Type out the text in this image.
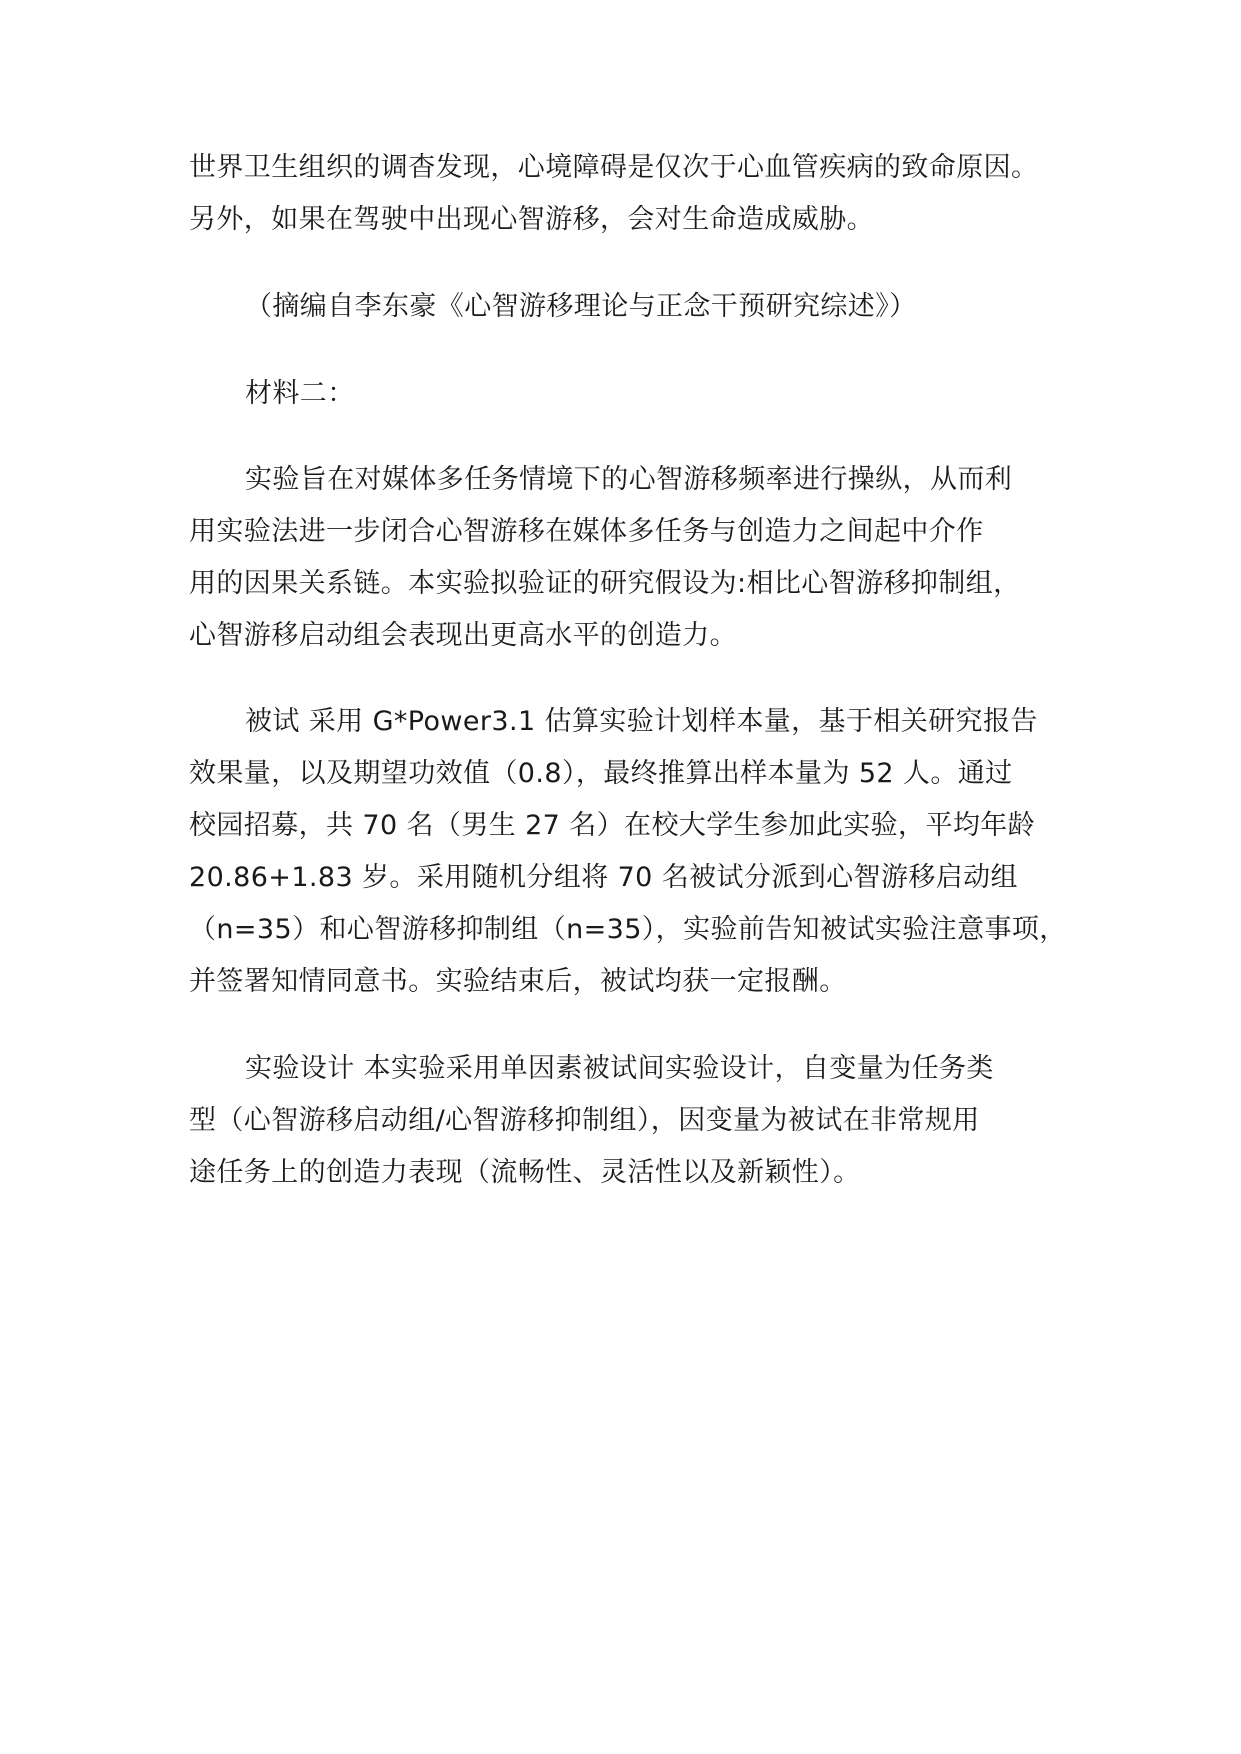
世界卫生组织的调杳发现，心境障碍是仅次于心血管疾病的致命原因。
另外，如果在驾驶中出现心智游移，会对生命造成威胁。
（摘编自李东豪《心智游移理论与正念干预研究综述》）
材料二：
实验旨在对媒体多任务情境下的心智游移频率进行操纵，从而利
用实验法进一步闭合心智游移在媒体多任务与创造力之间起中介作
用的因果关系链。本实验拟验证的研究假设为:相比心智游移抑制组，
心智游移启动组会表现出更高水平的创造力。
被试 采用 G*Power3.1 估算实验计划样本量，基于相关研究报告
效果量，以及期望功效值（0.8），最终推算出样本量为 52 人。通过
校园招募，共 70 名（男生 27 名）在校大学生参加此实验，平均年龄
20.86+1.83 岁。采用随机分组将 70 名被试分派到心智游移启动组
（n=35）和心智游移抑制组（n=35），实验前告知被试实验注意事项，
并签署知情同意书。实验结束后，被试均获一定报酬。
实验设计 本实验采用单因素被试间实验设计，自变量为任务类
型（心智游移启动组/心智游移抑制组），因变量为被试在非常规用
途任务上的创造力表现（流畅性、灵活性以及新颖性）。
